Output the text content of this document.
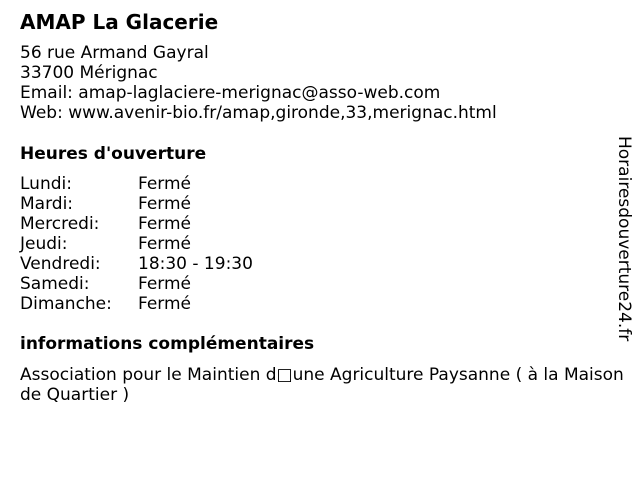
AMAP La Glacerie
56 rue Armand Gayral
33700 Mérignac
Email: amap-laglaciere-merignac@asso-web.com
Web: www.avenir-bio.fr/amap,gironde,33,merignac.html
Heures d'ouverture
Lundi:	Fermé
Mardi:	Fermé
Mercredi:	Fermé
Jeudi:	Fermé
Vendredi:	18:30 - 19:30
Samedi:	Fermé
Dimanche:	Fermé
informations complémentaires
Association pour le Maintien d□une Agriculture Paysanne ( à la Maison de Quartier )
Horairesdouverture24.fr
